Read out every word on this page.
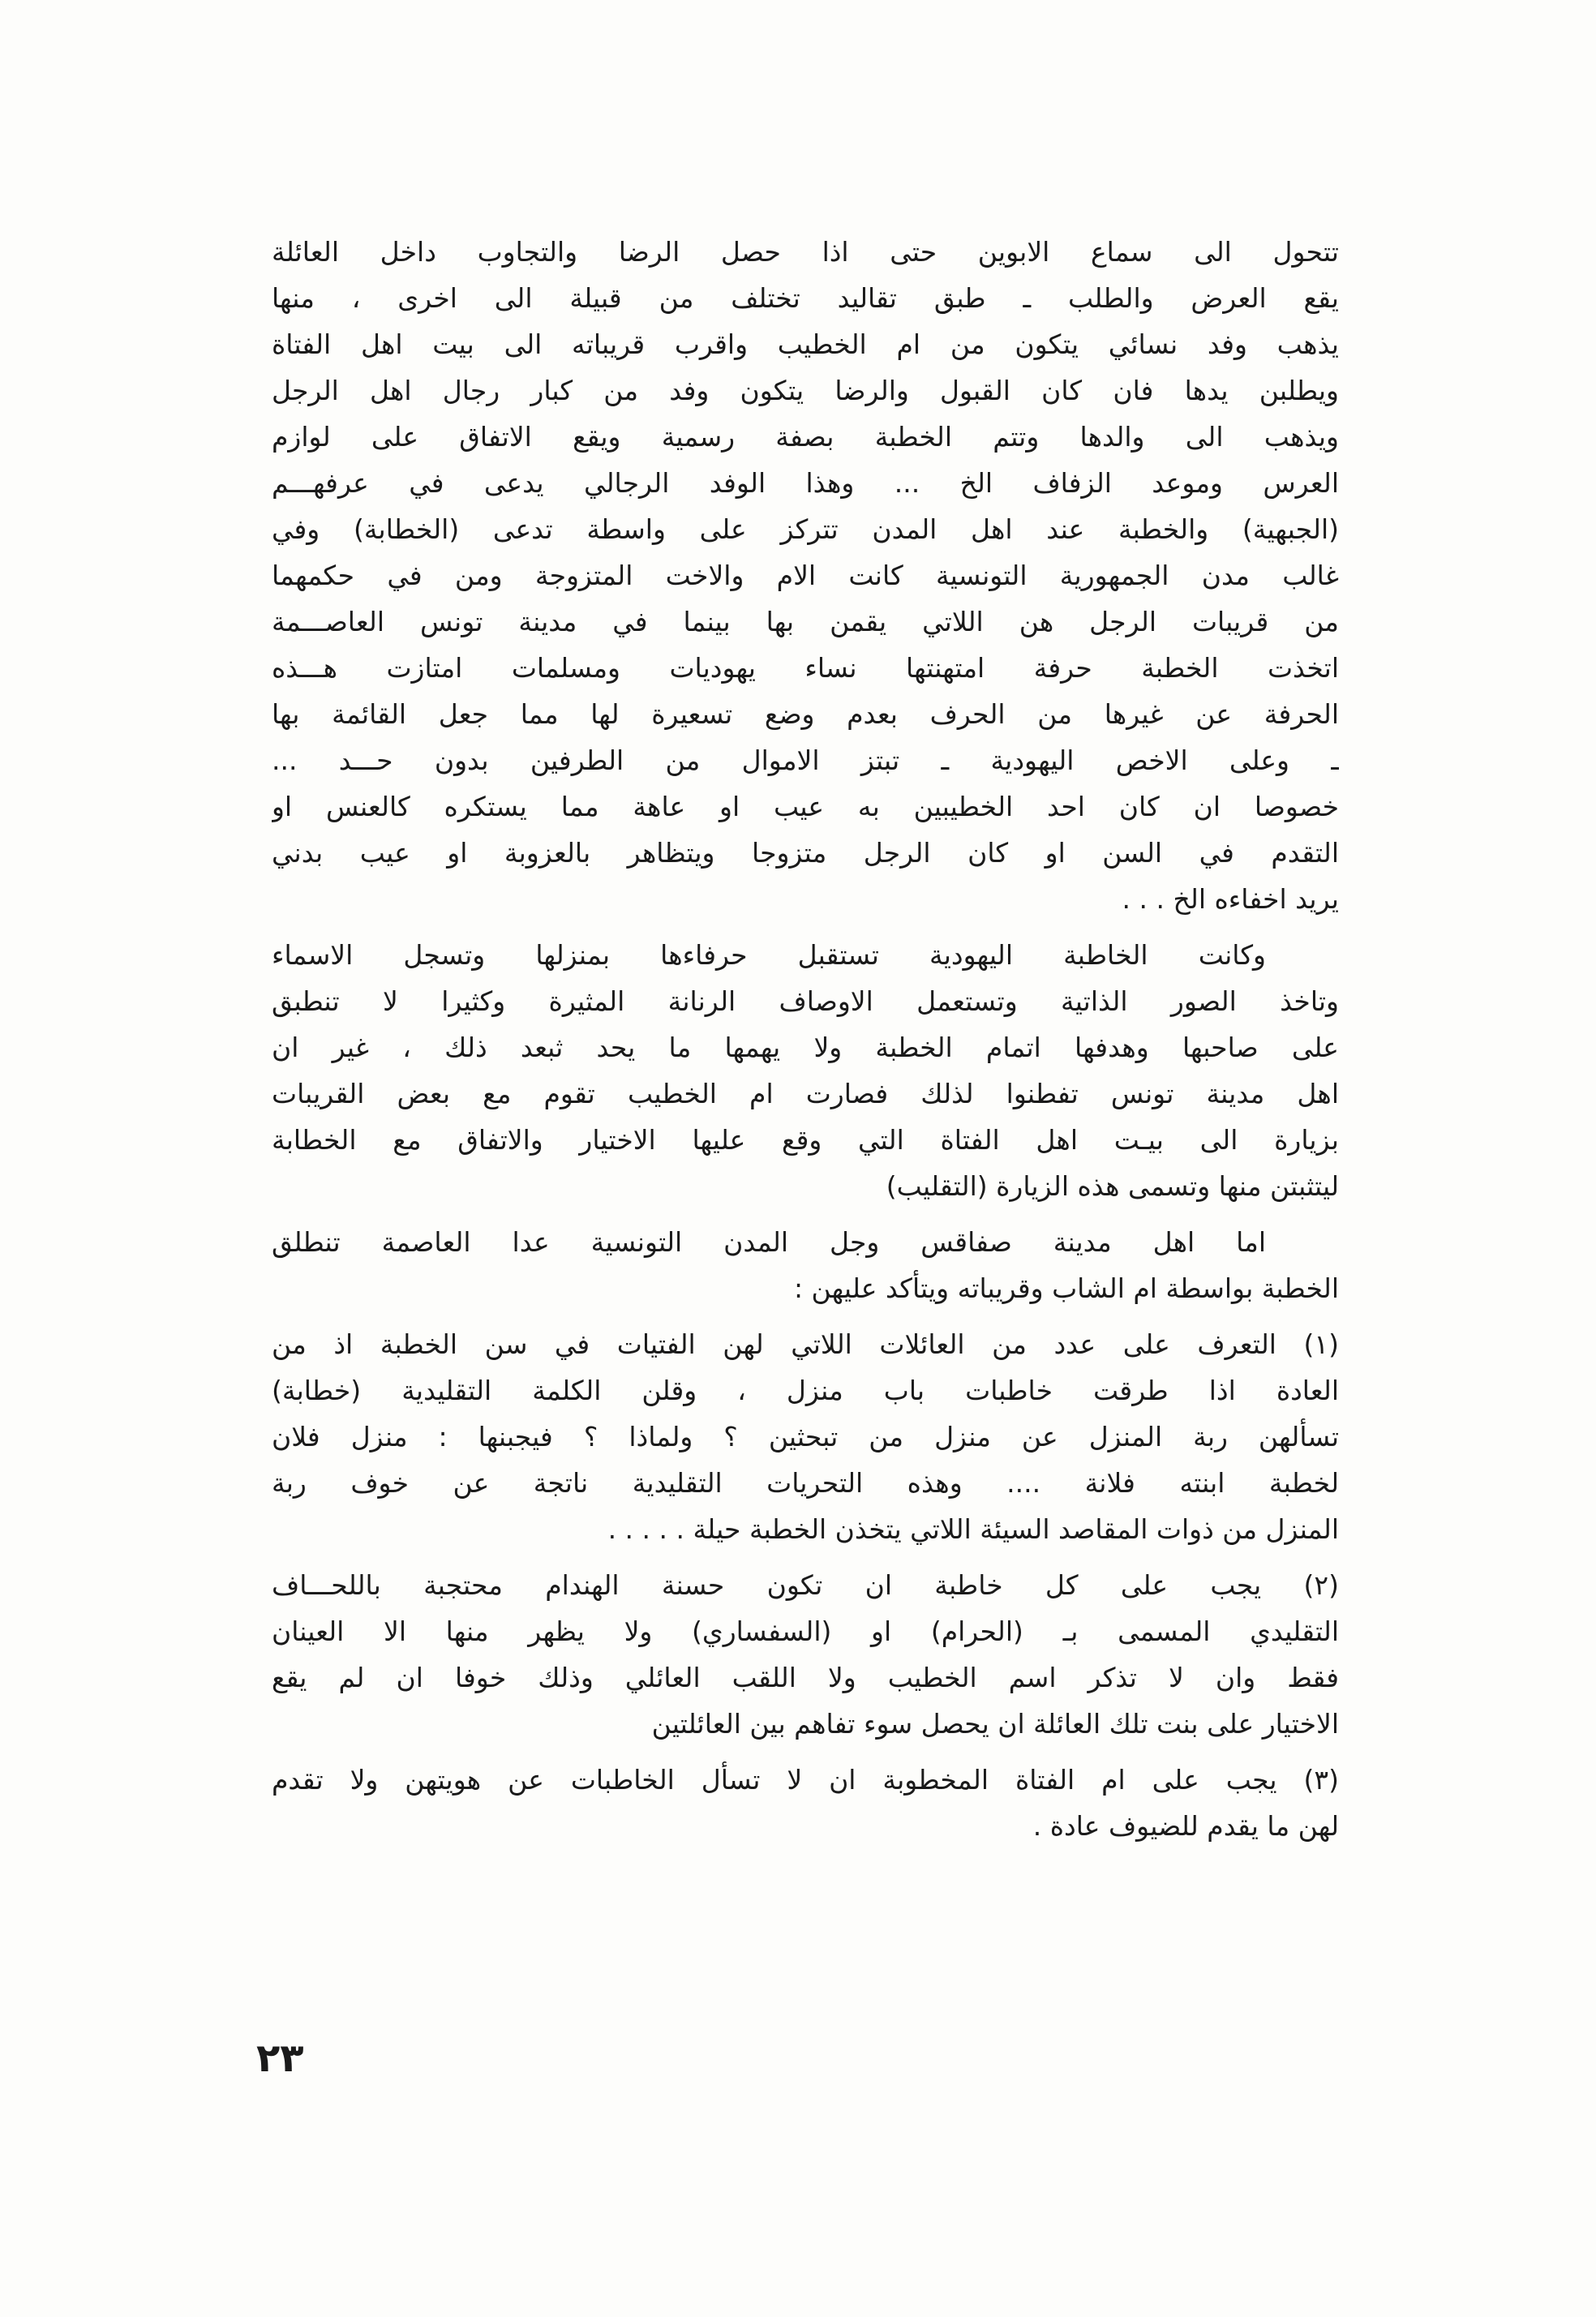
تتحول الى سماع الابوين حتى اذا حصل الرضا والتجاوب داخل العائلة
يقع العرض والطلب ـ طبق تقاليد تختلف من قبيلة الى اخرى ، منها
يذهب وفد نسائي يتكون من ام الخطيب واقرب قريباته الى بيت اهل الفتاة
ويطلبن يدها فان كان القبول والرضا يتكون وفد من كبار رجال اهل الرجل
ويذهب الى والدها وتتم الخطبة بصفة رسمية ويقع الاتفاق على لوازم
العرس وموعد الزفاف الخ ... وهذا الوفد الرجالي يدعى في عرفهـــم
(الجبهية) والخطبة عند اهل المدن تتركز على واسطة تدعى (الخطابة) وفي
غالب مدن الجمهورية التونسية كانت الام والاخت المتزوجة ومن في حكمهما
من قريبات الرجل هن اللاتي يقمن بها بينما في مدينة تونس العاصـــمة
اتخذت الخطبة حرفة امتهنتها نساء يهوديات ومسلمات امتازت هـــذه
الحرفة عن غيرها من الحرف بعدم وضع تسعيرة لها مما جعل القائمة بها
ـ وعلى الاخص اليهودية ـ تبتز الاموال من الطرفين بدون حـــد ...
خصوصا ان كان احد الخطيبين به عيب او عاهة مما يستكره كالعنس او
التقدم في السن او كان الرجل متزوجا ويتظاهر بالعزوبة او عيب بدني
يريد اخفاءه الخ . . .
وكانت الخاطبة اليهودية تستقبل حرفاءها بمنزلها وتسجل الاسماء
وتاخذ الصور الذاتية وتستعمل الاوصاف الرنانة المثيرة وكثيرا لا تنطبق
على صاحبها وهدفها اتمام الخطبة ولا يهمها ما يحد ثبعد ذلك ، غير ان
اهل مدينة تونس تفطنوا لذلك فصارت ام الخطيب تقوم مع بعض القريبات
بزيارة الى بيـت اهل الفتاة التي وقع عليها الاختيار والاتفاق مع الخطابة
ليتثبتن منها وتسمى هذه الزيارة (التقليب)
اما اهل مدينة صفاقس وجل المدن التونسية عدا العاصمة تنطلق
الخطبة بواسطة ام الشاب وقريباته ويتأكد عليهن :
(١) التعرف على عدد من العائلات اللاتي لهن الفتيات في سن الخطبة اذ من
العادة اذا طرقت خاطبات باب منزل ، وقلن الكلمة التقليدية (خطابة)
تسألهن ربة المنزل عن منزل من تبحثين ؟ ولماذا ؟ فيجبنها : منزل فلان
لخطبة ابنته فلانة .... وهذه التحريات التقليدية ناتجة عن خوف ربة
المنزل من ذوات المقاصد السيئة اللاتي يتخذن الخطبة حيلة . . . . .
(٢) يجب على كل خاطبة ان تكون حسنة الهندام محتجبة باللحـــاف
التقليدي المسمى بـ (الحرام) او (السفساري) ولا يظهر منها الا العينان
فقط وان لا تذكر اسم الخطيب ولا اللقب العائلي وذلك خوفا ان لم يقع
الاختيار على بنت تلك العائلة ان يحصل سوء تفاهم بين العائلتين
(٣) يجب على ام الفتاة المخطوبة ان لا تسأل الخاطبات عن هويتهن ولا تقدم
لهن ما يقدم للضيوف عادة .
٢٣
